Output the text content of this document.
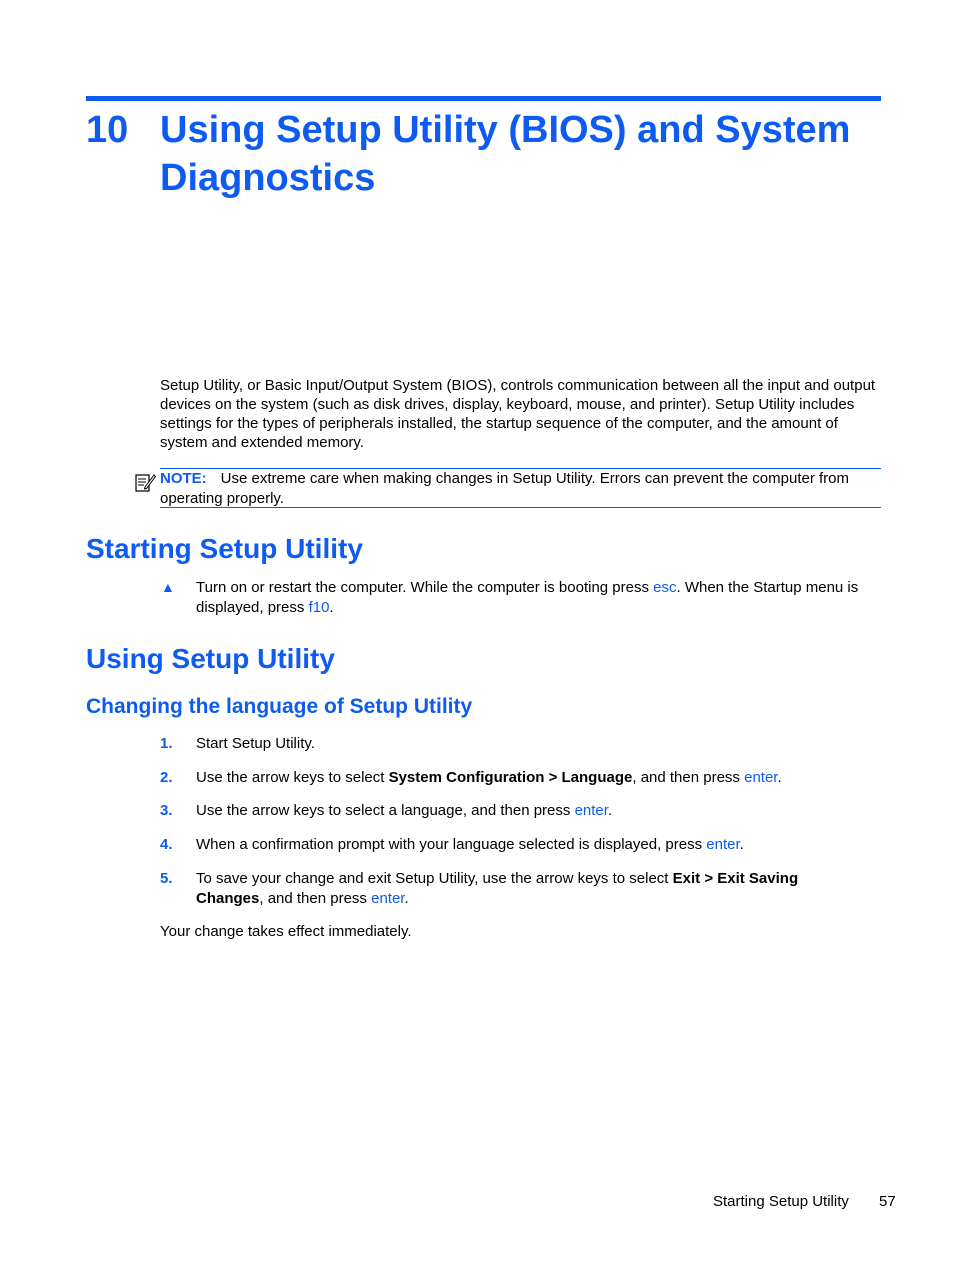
10 Using Setup Utility (BIOS) and System Diagnostics
Setup Utility, or Basic Input/Output System (BIOS), controls communication between all the input and output devices on the system (such as disk drives, display, keyboard, mouse, and printer). Setup Utility includes settings for the types of peripherals installed, the startup sequence of the computer, and the amount of system and extended memory.
NOTE: Use extreme care when making changes in Setup Utility. Errors can prevent the computer from operating properly.
Starting Setup Utility
▲ Turn on or restart the computer. While the computer is booting press esc. When the Startup menu is displayed, press f10.
Using Setup Utility
Changing the language of Setup Utility
1. Start Setup Utility.
2. Use the arrow keys to select System Configuration > Language, and then press enter.
3. Use the arrow keys to select a language, and then press enter.
4. When a confirmation prompt with your language selected is displayed, press enter.
5. To save your change and exit Setup Utility, use the arrow keys to select Exit > Exit Saving Changes, and then press enter.
Your change takes effect immediately.
Starting Setup Utility 57
